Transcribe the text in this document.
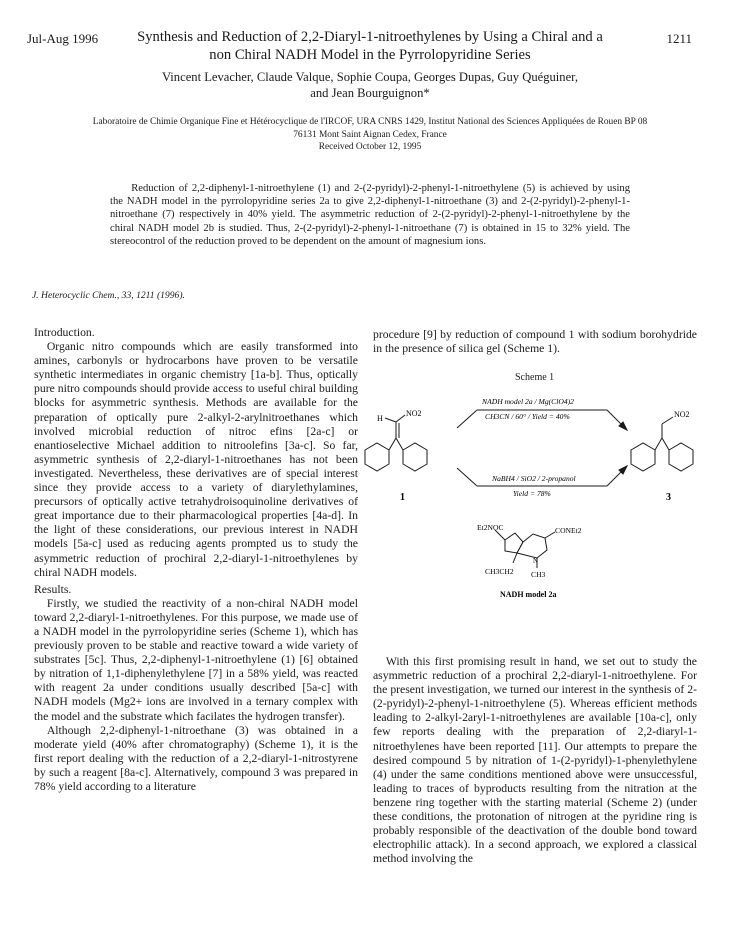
Jul-Aug 1996	1211
Synthesis and Reduction of 2,2-Diaryl-1-nitroethylenes by Using a Chiral and a non Chiral NADH Model in the Pyrrolopyridine Series
Vincent Levacher, Claude Valque, Sophie Coupa, Georges Dupas, Guy Quéguiner,
and Jean Bourguignon*
Laboratoire de Chimie Organique Fine et Hétérocyclique de l'IRCOF, URA CNRS 1429, Institut National des Sciences Appliquées de Rouen BP 08 76131 Mont Saint Aignan Cedex, France
Received October 12, 1995
Reduction of 2,2-diphenyl-1-nitroethylene (1) and 2-(2-pyridyl)-2-phenyl-1-nitroethylene (5) is achieved by using the NADH model in the pyrrolopyridine series 2a to give 2,2-diphenyl-1-nitroethane (3) and 2-(2-pyridyl)-2-phenyl-1-nitroethane (7) respectively in 40% yield. The asymmetric reduction of 2-(2-pyridyl)-2-phenyl-1-nitroethylene by the chiral NADH model 2b is studied. Thus, 2-(2-pyridyl)-2-phenyl-1-nitroethane (7) is obtained in 15 to 32% yield. The stereocontrol of the reduction proved to be dependent on the amount of magnesium ions.
J. Heterocyclic Chem., 33, 1211 (1996).

Introduction.

Organic nitro compounds which are easily transformed into amines, carbonyls or hydrocarbons have proven to be versatile synthetic intermediates in organic chemistry [1a-b]. Thus, optically pure nitro compounds should provide access to useful chiral building blocks for asymmetric synthesis. Methods are available for the preparation of optically pure 2-alkyl-2-arylnitroethanes which involved microbial reduction of nitroc efins [2a-c] or enantioselective Michael addition to nitroolefins [3a-c]. So far, asymmetric synthesis of 2,2-diaryl-1-nitroethanes has not been investigated. Nevertheless, these derivatives are of special interest since they provide access to a variety of diarylethylamines, precursors of optically active tetrahydroisoquinoline derivatives of great importance due to their pharmacological properties [4a-d]. In the light of these considerations, our previous interest in NADH models [5a-c] used as reducing agents prompted us to study the asymmetric reduction of prochiral 2,2-diaryl-1-nitroethylenes by chiral NADH models.

Results.

Firstly, we studied the reactivity of a non-chiral NADH model toward 2,2-diaryl-1-nitroethylenes. For this purpose, we made use of a NADH model in the pyrrolopyridine series (Scheme 1), which has previously proven to be stable and reactive toward a wide variety of substrates [5c]. Thus, 2,2-diphenyl-1-nitroethylene (1) [6] obtained by nitration of 1,1-diphenylethylene [7] in a 58% yield, was reacted with reagent 2a under conditions usually described [5a-c] with NADH models (Mg2+ ions are involved in a ternary complex with the model and the substrate which facilates the hydrogen transfer).

Although 2,2-diphenyl-1-nitroethane (3) was obtained in a moderate yield (40% after chromatography) (Scheme 1), it is the first report dealing with the reduction of a 2,2-diaryl-1-nitrostyrene by such a reagent [8a-c]. Alternatively, compound 3 was prepared in 78% yield according to a literature

procedure [9] by reduction of compound 1 with sodium borohydride in the presence of silica gel (Scheme 1).

Scheme 1
H
NO2
1
NADH model 2a / Mg(ClO4)2
CH3CN / 60° / Yield = 40%
NaBH4 / SiO2 / 2-propanol
Yield = 78%
NO2
3
Et2NOC	CONEt2
CH3CH2 CH3
N
NADH model 2a

With this first promising result in hand, we set out to study the asymmetric reduction of a prochiral 2,2-diaryl-1-nitroethylene. For the present investigation, we turned our interest in the synthesis of 2-(2-pyridyl)-2-phenyl-1-nitroethylene (5). Whereas efficient methods leading to 2-alkyl-2aryl-1-nitroethylenes are available [10a-c], only few reports dealing with the preparation of 2,2-diaryl-1-nitroethylenes have been reported [11]. Our attempts to prepare the desired compound 5 by nitration of 1-(2-pyridyl)-1-phenylethylene (4) under the same conditions mentioned above were unsuccessful, leading to traces of byproducts resulting from the nitration at the benzene ring together with the starting material (Scheme 2) (under these conditions, the protonation of nitrogen at the pyridine ring is probably responsible of the deactivation of the double bond toward electrophilic attack). In a second approach, we explored a classical method involving the
